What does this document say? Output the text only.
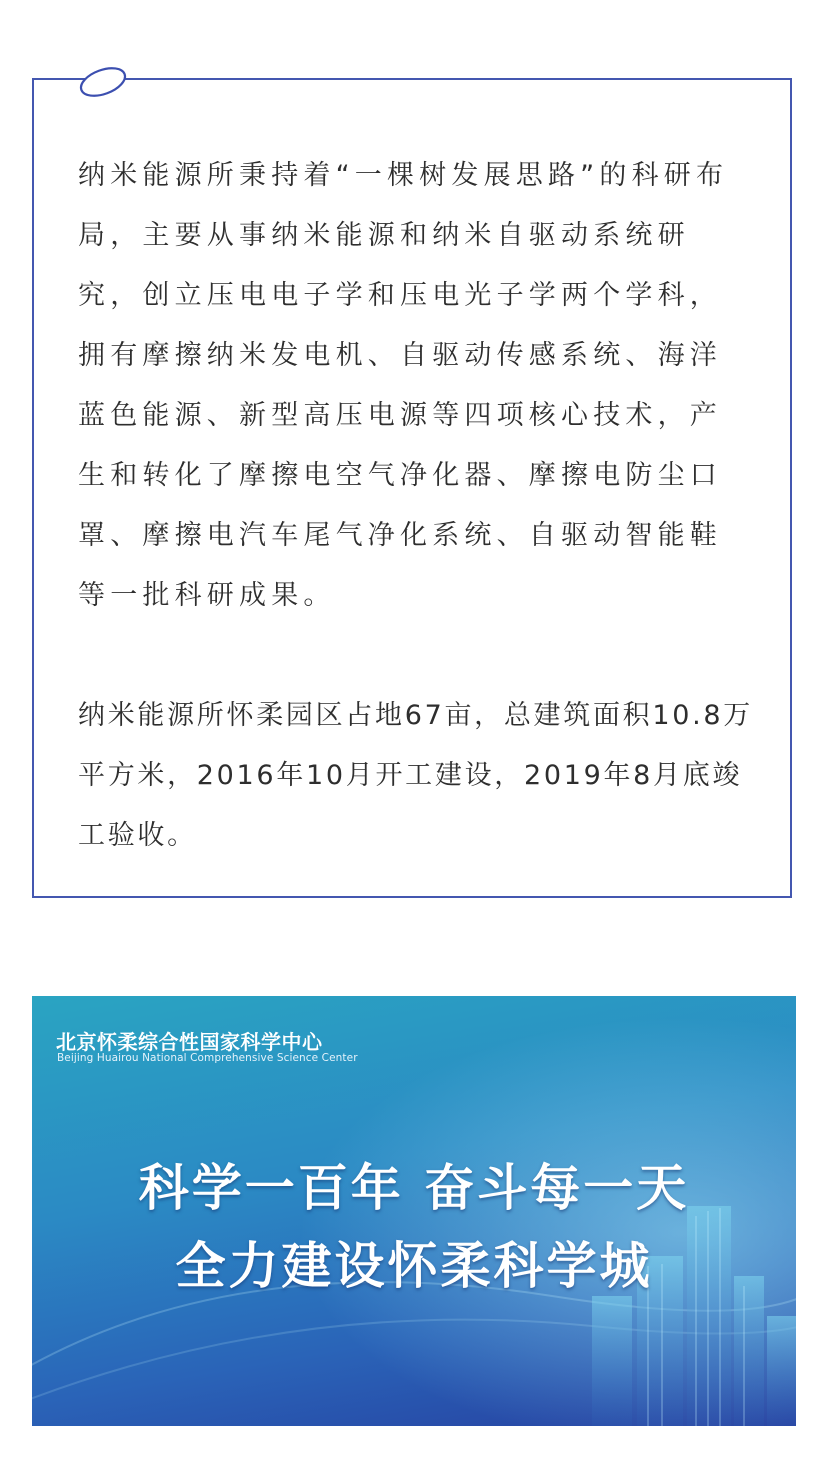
纳米能源所秉持着“一棵树发展思路”的科研布局，主要从事纳米能源和纳米自驱动系统研究，创立压电电子学和压电光子学两个学科，拥有摩擦纳米发电机、自驱动传感系统、海洋蓝色能源、新型高压电源等四项核心技术，产生和转化了摩擦电空气净化器、摩擦电防尘口罩、摩擦电汽车尾气净化系统、自驱动智能鞋等一批科研成果。

纳米能源所怀柔园区占地67亩，总建筑面积10.8万平方米，2016年10月开工建设，2019年8月底竣工验收。

北京怀柔综合性国家科学中心

Beijing Huairou National Comprehensive Science Center

科学一百年 奋斗每一天
全力建设怀柔科学城
